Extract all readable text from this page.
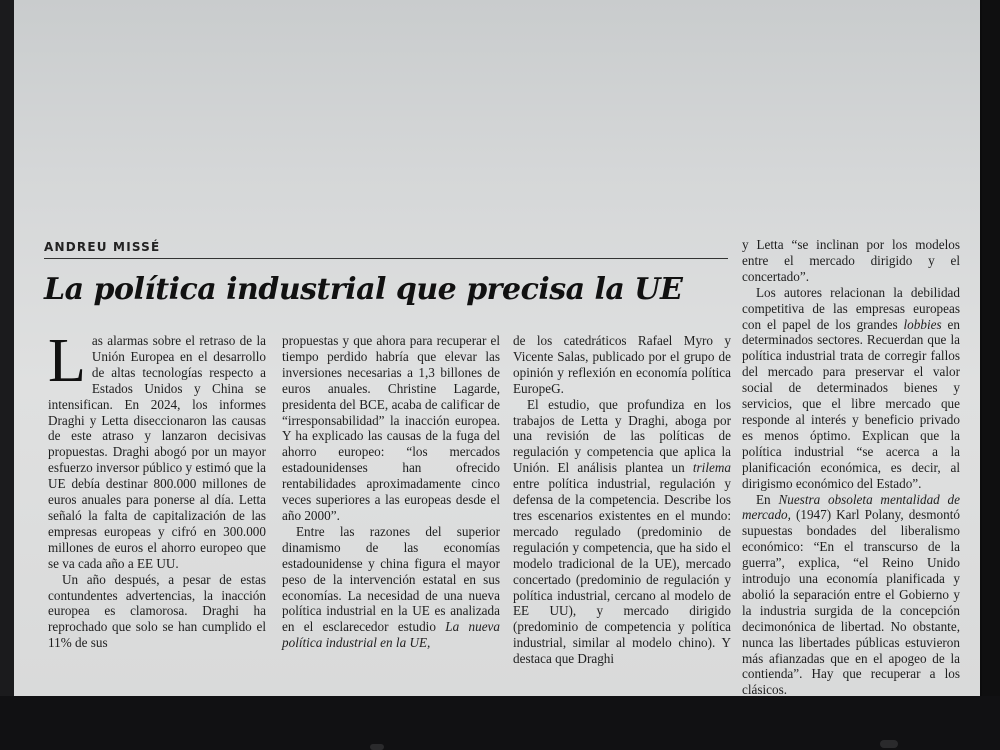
ANDREU MISSÉ
La política industrial que precisa la UE

Las alarmas sobre el retraso de la Unión Europea en el desarrollo de altas tecnologías respecto a Estados Unidos y China se intensifican. En 2024, los informes Draghi y Letta diseccionaron las causas de este atraso y lanzaron decisivas propuestas. Draghi abogó por un mayor esfuerzo inversor público y estimó que la UE debía destinar 800.000 millones de euros anuales para ponerse al día. Letta señaló la falta de capitalización de las empresas europeas y cifró en 300.000 millones de euros el ahorro europeo que se va cada año a EE UU.

Un año después, a pesar de estas contundentes advertencias, la inacción europea es clamorosa. Draghi ha reprochado que solo se han cumplido el 11% de sus

propuestas y que ahora para recuperar el tiempo perdido habría que elevar las inversiones necesarias a 1,3 billones de euros anuales. Christine Lagarde, presidenta del BCE, acaba de calificar de “irresponsabilidad” la inacción europea. Y ha explicado las causas de la fuga del ahorro europeo: “los mercados estadounidenses han ofrecido rentabilidades aproximadamente cinco veces superiores a las europeas desde el año 2000”.

Entre las razones del superior dinamismo de las economías estadounidense y china figura el mayor peso de la intervención estatal en sus economías. La necesidad de una nueva política industrial en la UE es analizada en el esclarecedor estudio La nueva política industrial en la UE,

de los catedráticos Rafael Myro y Vicente Salas, publicado por el grupo de opinión y reflexión en economía política EuropeG.

El estudio, que profundiza en los trabajos de Letta y Draghi, aboga por una revisión de las políticas de regulación y competencia que aplica la Unión. El análisis plantea un trilema entre política industrial, regulación y defensa de la competencia. Describe los tres escenarios existentes en el mundo: mercado regulado (predominio de regulación y competencia, que ha sido el modelo tradicional de la UE), mercado concertado (predominio de regulación y política industrial, cercano al modelo de EE UU), y mercado dirigido (predominio de competencia y política industrial, similar al modelo chino). Y destaca que Draghi

y Letta “se inclinan por los modelos entre el mercado dirigido y el concertado”.

Los autores relacionan la debilidad competitiva de las empresas europeas con el papel de los grandes lobbies en determinados sectores. Recuerdan que la política industrial trata de corregir fallos del mercado para preservar el valor social de determinados bienes y servicios, que el libre mercado que responde al interés y beneficio privado es menos óptimo. Explican que la política industrial “se acerca a la planificación económica, es decir, al dirigismo económico del Estado”.

En Nuestra obsoleta mentalidad de mercado, (1947) Karl Polany, desmontó supuestas bondades del liberalismo económico: “En el transcurso de la guerra”, explica, “el Reino Unido introdujo una economía planificada y abolió la separación entre el Gobierno y la industria surgida de la concepción decimonónica de libertad. No obstante, nunca las libertades públicas estuvieron más afianzadas que en el apogeo de la contienda”. Hay que recuperar a los clásicos.
